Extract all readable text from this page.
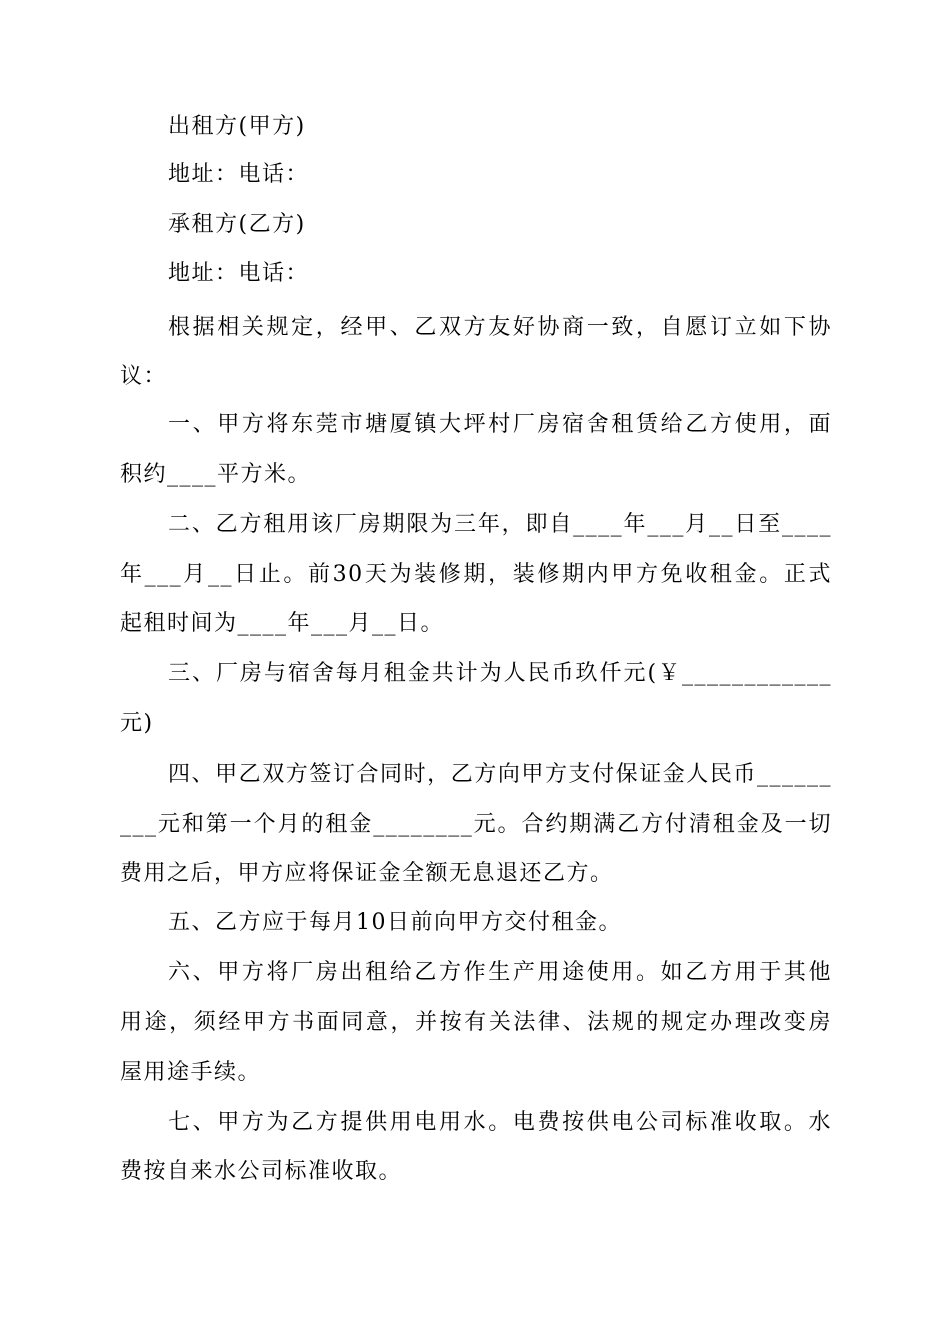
出租方(甲方)
地址：电话：
承租方(乙方)
地址：电话：
根据相关规定，经甲、乙双方友好协商一致，自愿订立如下协
议：
一、甲方将东莞市塘厦镇大坪村厂房宿舍租赁给乙方使用，面
积约____平方米。
二、乙方租用该厂房期限为三年，即自____年___月__日至____
年___月__日止。前30天为装修期，装修期内甲方免收租金。正式
起租时间为____年___月__日。
三、厂房与宿舍每月租金共计为人民币玖仟元(￥____________
元)
四、甲乙双方签订合同时，乙方向甲方支付保证金人民币______
___元和第一个月的租金________元。合约期满乙方付清租金及一切
费用之后，甲方应将保证金全额无息退还乙方。
五、乙方应于每月10日前向甲方交付租金。
六、甲方将厂房出租给乙方作生产用途使用。如乙方用于其他
用途，须经甲方书面同意，并按有关法律、法规的规定办理改变房
屋用途手续。
七、甲方为乙方提供用电用水。电费按供电公司标准收取。水
费按自来水公司标准收取。
